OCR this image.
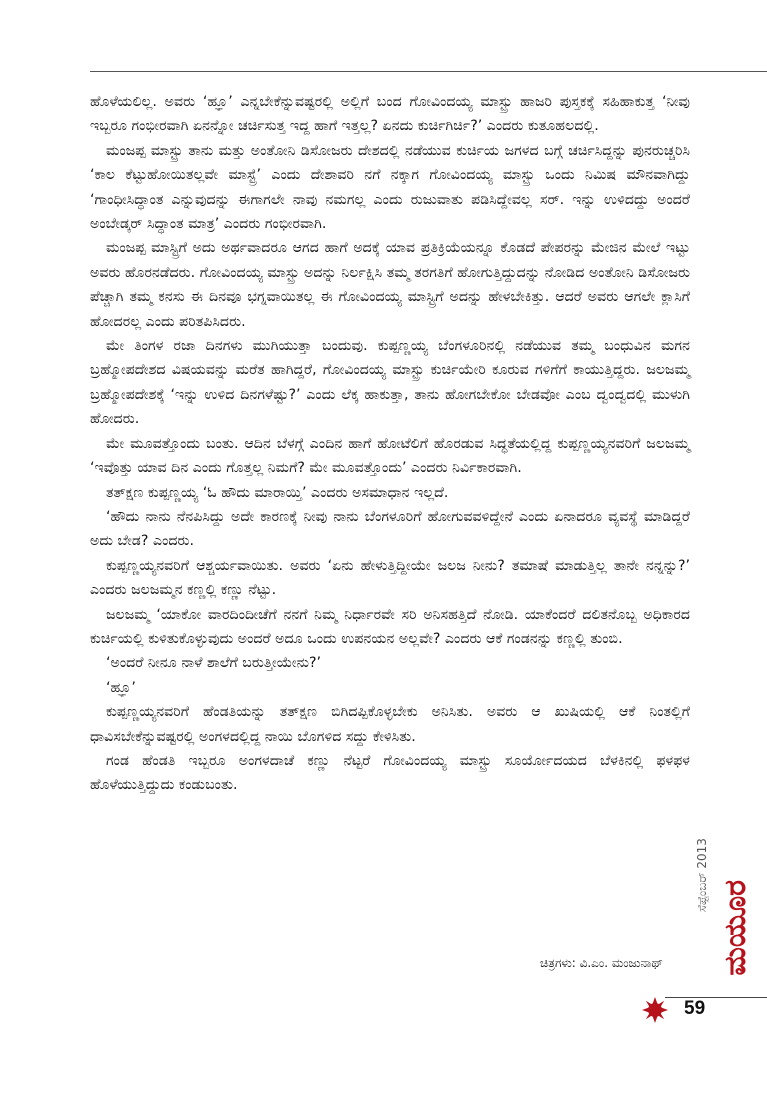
ಹೊಳೆಯಲಿಲ್ಲ. ಅವರು ‘ಹ್ಞೂ’ ಎನ್ನಬೇಕೆನ್ನುವಷ್ಟರಲ್ಲಿ ಅಲ್ಲಿಗೆ ಬಂದ ಗೋವಿಂದಯ್ಯ ಮಾಸ್ಟ್ರು ಹಾಜರಿ ಪುಸ್ತಕಕ್ಕೆ ಸಹಿಹಾಕುತ್ತ ‘ನೀವು ಇಬ್ಬರೂ ಗಂಭೀರವಾಗಿ ಏನನ್ನೋ ಚರ್ಚಿಸುತ್ತ ಇದ್ದ ಹಾಗೆ ಇತ್ತಲ್ಲ? ಏನದು ಕುರ್ಚಿಗಿರ್ಚಿ?’ ಎಂದರು ಕುತೂಹಲದಲ್ಲಿ.

ಮಂಜಪ್ಪ ಮಾಸ್ಟ್ರು ತಾನು ಮತ್ತು ಅಂತೋನಿ ಡಿಸೋಜರು ದೇಶದಲ್ಲಿ ನಡೆಯುವ ಕುರ್ಚಿಯ ಜಗಳದ ಬಗ್ಗೆ ಚರ್ಚಿಸಿದ್ದನ್ನು ಪುನರುಚ್ಚರಿಸಿ ‘ಕಾಲ ಕೆಟ್ಟುಹೋಯಿತಲ್ಲವೇ ಮಾಸ್ಟ್ರೆ’ ಎಂದು ದೇಶಾವರಿ ನಗೆ ನಕ್ಕಾಗ ಗೋವಿಂದಯ್ಯ ಮಾಸ್ಟ್ರು ಒಂದು ನಿಮಿಷ ಮೌನವಾಗಿದ್ದು ‘ಗಾಂಧೀಸಿದ್ಧಾಂತ ಎನ್ನುವುದನ್ನು ಈಗಾಗಲೇ ನಾವು ನಮಗಲ್ಲ ಎಂದು ರುಜುವಾತು ಪಡಿಸಿದ್ದೇವಲ್ಲ ಸರ್. ಇನ್ನು ಉಳಿದದ್ದು ಅಂದರೆ ಅಂಬೇಡ್ಕರ್ ಸಿದ್ಧಾಂತ ಮಾತ್ರ’ ಎಂದರು ಗಂಭೀರವಾಗಿ.

ಮಂಜಪ್ಪ ಮಾಸ್ಟ್ರಿಗೆ ಅದು ಅರ್ಥವಾದರೂ ಆಗದ ಹಾಗೆ ಅದಕ್ಕೆ ಯಾವ ಪ್ರತಿಕ್ರಿಯೆಯನ್ನೂ ಕೊಡದೆ ಪೇಪರನ್ನು ಮೇಜಿನ ಮೇಲೆ ಇಟ್ಟು ಅವರು ಹೊರನಡೆದರು. ಗೋವಿಂದಯ್ಯ ಮಾಸ್ಟ್ರು ಅದನ್ನು ನಿರ್ಲಕ್ಷಿಸಿ ತಮ್ಮ ತರಗತಿಗೆ ಹೋಗುತ್ತಿದ್ದುದನ್ನು ನೋಡಿದ ಅಂತೋನಿ ಡಿಸೋಜರು ಪೆಚ್ಚಾಗಿ ತಮ್ಮ ಕನಸು ಈ ದಿನವೂ ಭಗ್ನವಾಯಿತಲ್ಲ ಈ ಗೋವಿಂದಯ್ಯ ಮಾಸ್ಟ್ರಿಗೆ ಅದನ್ನು ಹೇಳಬೇಕಿತ್ತು. ಆದರೆ ಅವರು ಆಗಲೇ ಕ್ಲಾಸಿಗೆ ಹೋದರಲ್ಲ ಎಂದು ಪರಿತಪಿಸಿದರು.

ಮೇ ತಿಂಗಳ ರಜಾ ದಿನಗಳು ಮುಗಿಯುತ್ತಾ ಬಂದುವು. ಕುಪ್ಪಣ್ಣಯ್ಯ ಬೆಂಗಳೂರಿನಲ್ಲಿ ನಡೆಯುವ ತಮ್ಮ ಬಂಧುವಿನ ಮಗನ ಬ್ರಹ್ಮೋಪದೇಶದ ವಿಷಯವನ್ನು ಮರೆತ ಹಾಗಿದ್ದರೆ, ಗೋವಿಂದಯ್ಯ ಮಾಸ್ಟ್ರು ಕುರ್ಚಿಯೇರಿ ಕೂರುವ ಗಳಿಗೆಗೆ ಕಾಯುತ್ತಿದ್ದರು. ಜಲಜಮ್ಮ ಬ್ರಹ್ಮೋಪದೇಶಕ್ಕೆ ‘ಇನ್ನು ಉಳಿದ ದಿನಗಳೆಷ್ಟು?’ ಎಂದು ಲೆಕ್ಕ ಹಾಕುತ್ತಾ, ತಾನು ಹೋಗಬೇಕೋ ಬೇಡವೋ ಎಂಬ ದ್ವಂದ್ವದಲ್ಲಿ ಮುಳುಗಿ ಹೋದರು.

ಮೇ ಮೂವತ್ತೊಂದು ಬಂತು. ಆದಿನ ಬೆಳಗ್ಗೆ ಎಂದಿನ ಹಾಗೆ ಹೋಟೆಲಿಗೆ ಹೊರಡುವ ಸಿದ್ಧತೆಯಲ್ಲಿದ್ದ ಕುಪ್ಪಣ್ಣಯ್ಯನವರಿಗೆ ಜಲಜಮ್ಮ ‘ಇವೊತ್ತು ಯಾವ ದಿನ ಎಂದು ಗೊತ್ತಲ್ಲ ನಿಮಗೆ? ಮೇ ಮೂವತ್ತೊಂದು’ ಎಂದರು ನಿರ್ವಿಕಾರವಾಗಿ.

ತತ್‌ಕ್ಷಣ ಕುಪ್ಪಣ್ಣಯ್ಯ ‘ಓ ಹೌದು ಮಾರಾಯ್ತಿ’ ಎಂದರು ಅಸಮಾಧಾನ ಇಲ್ಲದೆ.

‘ಹೌದು ನಾನು ನೆನಪಿಸಿದ್ದು ಅದೇ ಕಾರಣಕ್ಕೆ ನೀವು ನಾನು ಬೆಂಗಳೂರಿಗೆ ಹೋಗುವವಳಿದ್ದೇನೆ ಎಂದು ಏನಾದರೂ ವ್ಯವಸ್ಥೆ ಮಾಡಿದ್ದರೆ ಅದು ಬೇಡ? ಎಂದರು.

ಕುಪ್ಪಣ್ಣಯ್ಯನವರಿಗೆ ಆಶ್ಚರ್ಯವಾಯಿತು. ಅವರು ‘ಏನು ಹೇಳುತ್ತಿದ್ದೀಯೇ ಜಲಜ ನೀನು? ತಮಾಷೆ ಮಾಡುತ್ತಿಲ್ಲ ತಾನೇ ನನ್ನನ್ನು?’ ಎಂದರು ಜಲಜಮ್ಮನ ಕಣ್ಣಲ್ಲಿ ಕಣ್ಣು ನೆಟ್ಟು.

ಜಲಜಮ್ಮ ‘ಯಾಕೋ ವಾರದಿಂದೀಚೆಗೆ ನನಗೆ ನಿಮ್ಮ ನಿರ್ಧಾರವೇ ಸರಿ ಅನಿಸಹತ್ತಿದೆ ನೋಡಿ. ಯಾಕೆಂದರೆ ದಲಿತನೊಬ್ಬ ಅಧಿಕಾರದ ಕುರ್ಚಿಯಲ್ಲಿ ಕುಳಿತುಕೊಳ್ಳುವುದು ಅಂದರೆ ಅದೂ ಒಂದು ಉಪನಯನ ಅಲ್ಲವೇ? ಎಂದರು ಆಕೆ ಗಂಡನನ್ನು ಕಣ್ಣಲ್ಲಿ ತುಂಬಿ.

‘ಅಂದರೆ ನೀನೂ ನಾಳೆ ಶಾಲೆಗೆ ಬರುತ್ತೀಯೇನು?’

‘ಹ್ಞೂ’

ಕುಪ್ಪಣ್ಣಯ್ಯನವರಿಗೆ ಹೆಂಡತಿಯನ್ನು ತತ್‌ಕ್ಷಣ ಬಿಗಿದಪ್ಪಿಕೊಳ್ಳಬೇಕು ಅನಿಸಿತು. ಅವರು ಆ ಖುಷಿಯಲ್ಲಿ ಆಕೆ ನಿಂತಲ್ಲಿಗೆ ಧಾವಿಸಬೇಕೆನ್ನುವಷ್ಟರಲ್ಲಿ ಅಂಗಳದಲ್ಲಿದ್ದ ನಾಯಿ ಬೊಗಳಿದ ಸದ್ದು ಕೇಳಿಸಿತು.

ಗಂಡ ಹೆಂಡತಿ ಇಬ್ಬರೂ ಅಂಗಳದಾಚೆ ಕಣ್ಣು ನೆಟ್ಟರೆ ಗೋವಿಂದಯ್ಯ ಮಾಸ್ಟ್ರು ಸೂರ್ಯೋದಯದ ಬೆಳಕಿನಲ್ಲಿ ಫಳಫಳ ಹೊಳೆಯುತ್ತಿದ್ದುದು ಕಂಡುಬಂತು.

ಚಿತ್ರಗಳು: ವಿ.ಎಂ. ಮಂಜುನಾಥ್
ಸೆಪ್ಟೆಂಬರ್ 2013
ಮಯೂರ
59
